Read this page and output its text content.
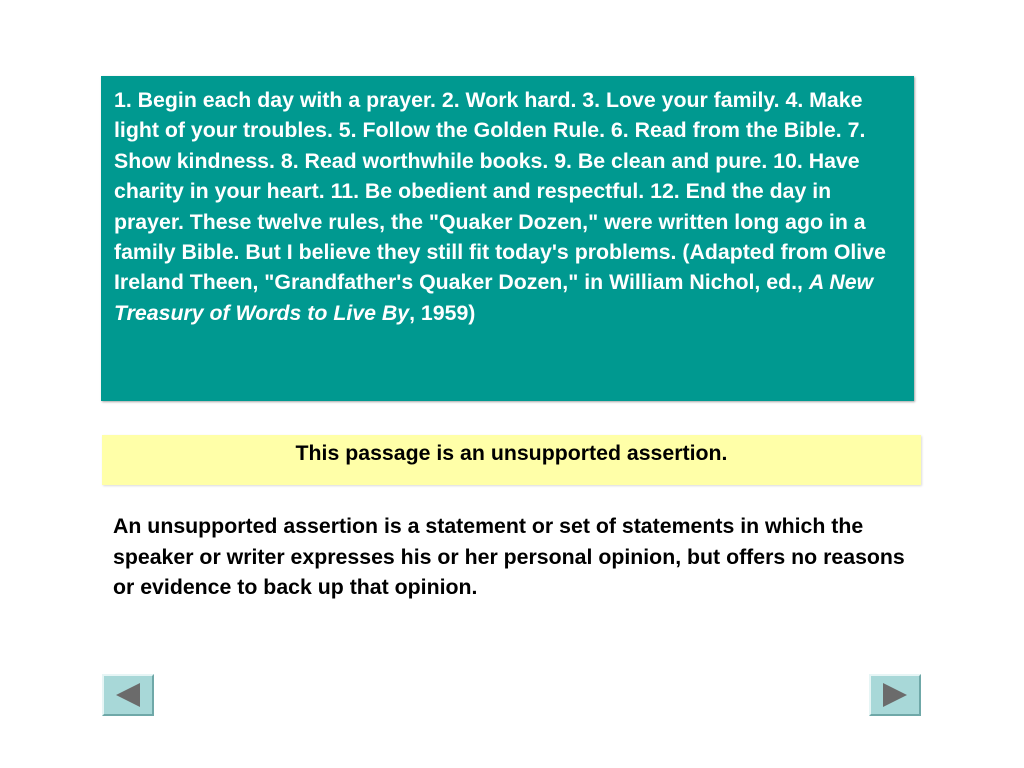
1. Begin each day with a prayer. 2. Work hard. 3. Love your family. 4. Make light of your troubles. 5. Follow the Golden Rule. 6. Read from the Bible. 7. Show kindness. 8. Read worthwhile books. 9. Be clean and pure. 10. Have charity in your heart. 11. Be obedient and respectful. 12. End the day in prayer. These twelve rules, the "Quaker Dozen," were written long ago in a family Bible. But I believe they still fit today's problems. (Adapted from Olive Ireland Theen, "Grandfather's Quaker Dozen," in William Nichol, ed., A New Treasury of Words to Live By, 1959)

This passage is an unsupported assertion.

An unsupported assertion is a statement or set of statements in which the speaker or writer expresses his or her personal opinion, but offers no reasons or evidence to back up that opinion.
